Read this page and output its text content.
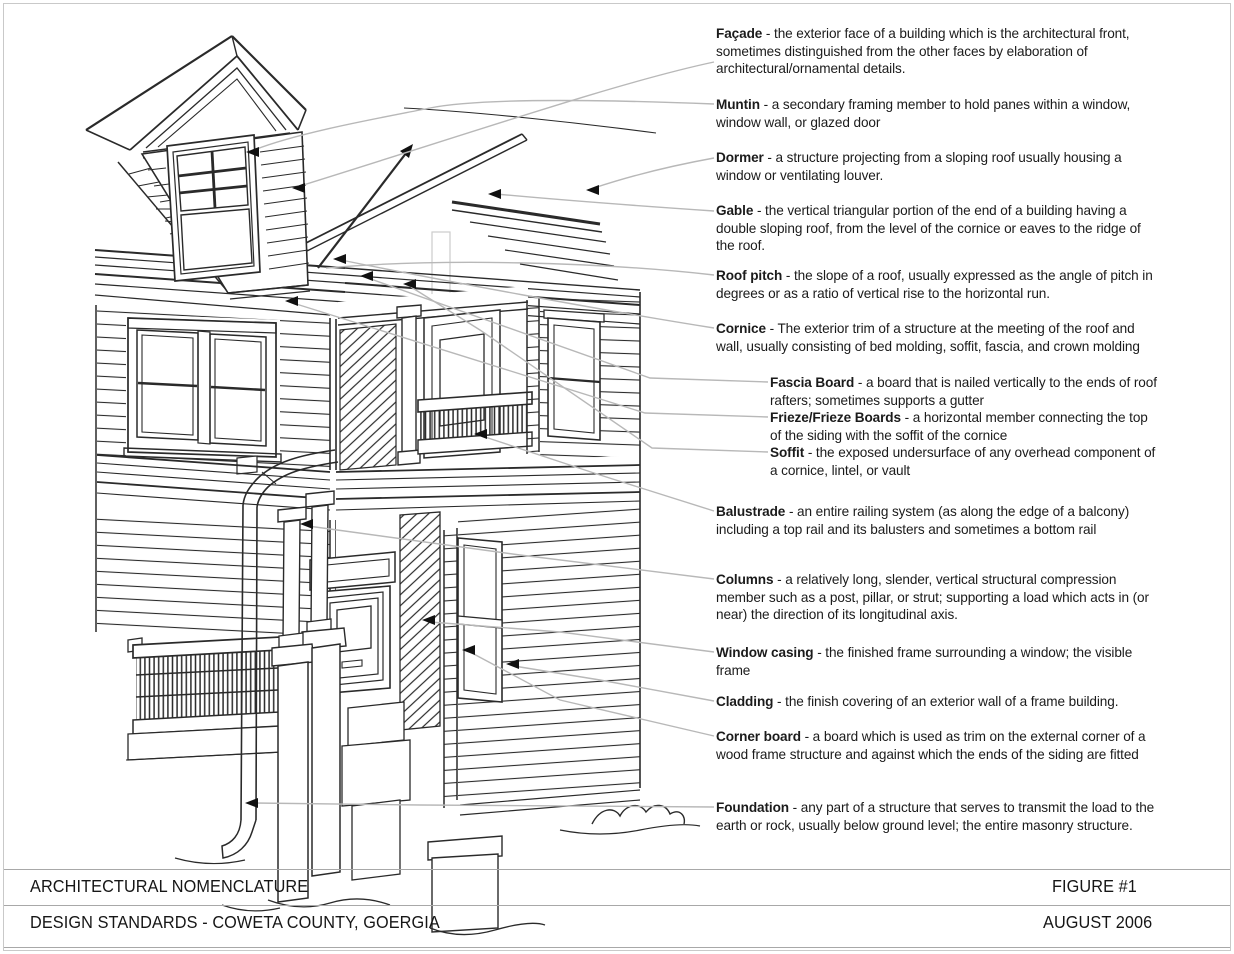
Façade - the exterior face of a building which is the architectural front, sometimes distinguished from the other faces by elaboration of architectural/ornamental details.
Muntin - a secondary framing member to hold panes within a window, window wall, or glazed door
Dormer - a structure projecting from a sloping roof usually housing a window or ventilating louver.
Gable - the vertical triangular portion of the end of a building having a double sloping roof, from the level of the cornice or eaves to the ridge of the roof.
Roof pitch - the slope of a roof, usually expressed as the angle of pitch in degrees or as a ratio of vertical rise to the horizontal run.
Cornice - The exterior trim of a structure at the meeting of the roof and wall, usually consisting of bed molding, soffit, fascia, and crown molding
Fascia Board - a board that is nailed vertically to the ends of roof rafters; sometimes supports a gutter
Frieze/Frieze Boards - a horizontal member connecting the top of the siding with the soffit of the cornice
Soffit - the exposed undersurface of any overhead component of a cornice, lintel, or vault
Balustrade - an entire railing system (as along the edge of a balcony) including a top rail and its balusters and sometimes a bottom rail
Columns - a relatively long, slender, vertical structural compression member such as a post, pillar, or strut; supporting a load which acts in (or near) the direction of its longitudinal axis.
Window casing - the finished frame surrounding a window; the visible frame
Cladding - the finish covering of an exterior wall of a frame building.
Corner board - a board which is used as trim on the external corner of a wood frame structure and against which the ends of the siding are fitted
Foundation - any part of a structure that serves to transmit the load to the earth or rock, usually below ground level; the entire masonry structure.
ARCHITECTURAL NOMENCLATURE	FIGURE #1
DESIGN STANDARDS - COWETA COUNTY, GOERGIA	AUGUST 2006
